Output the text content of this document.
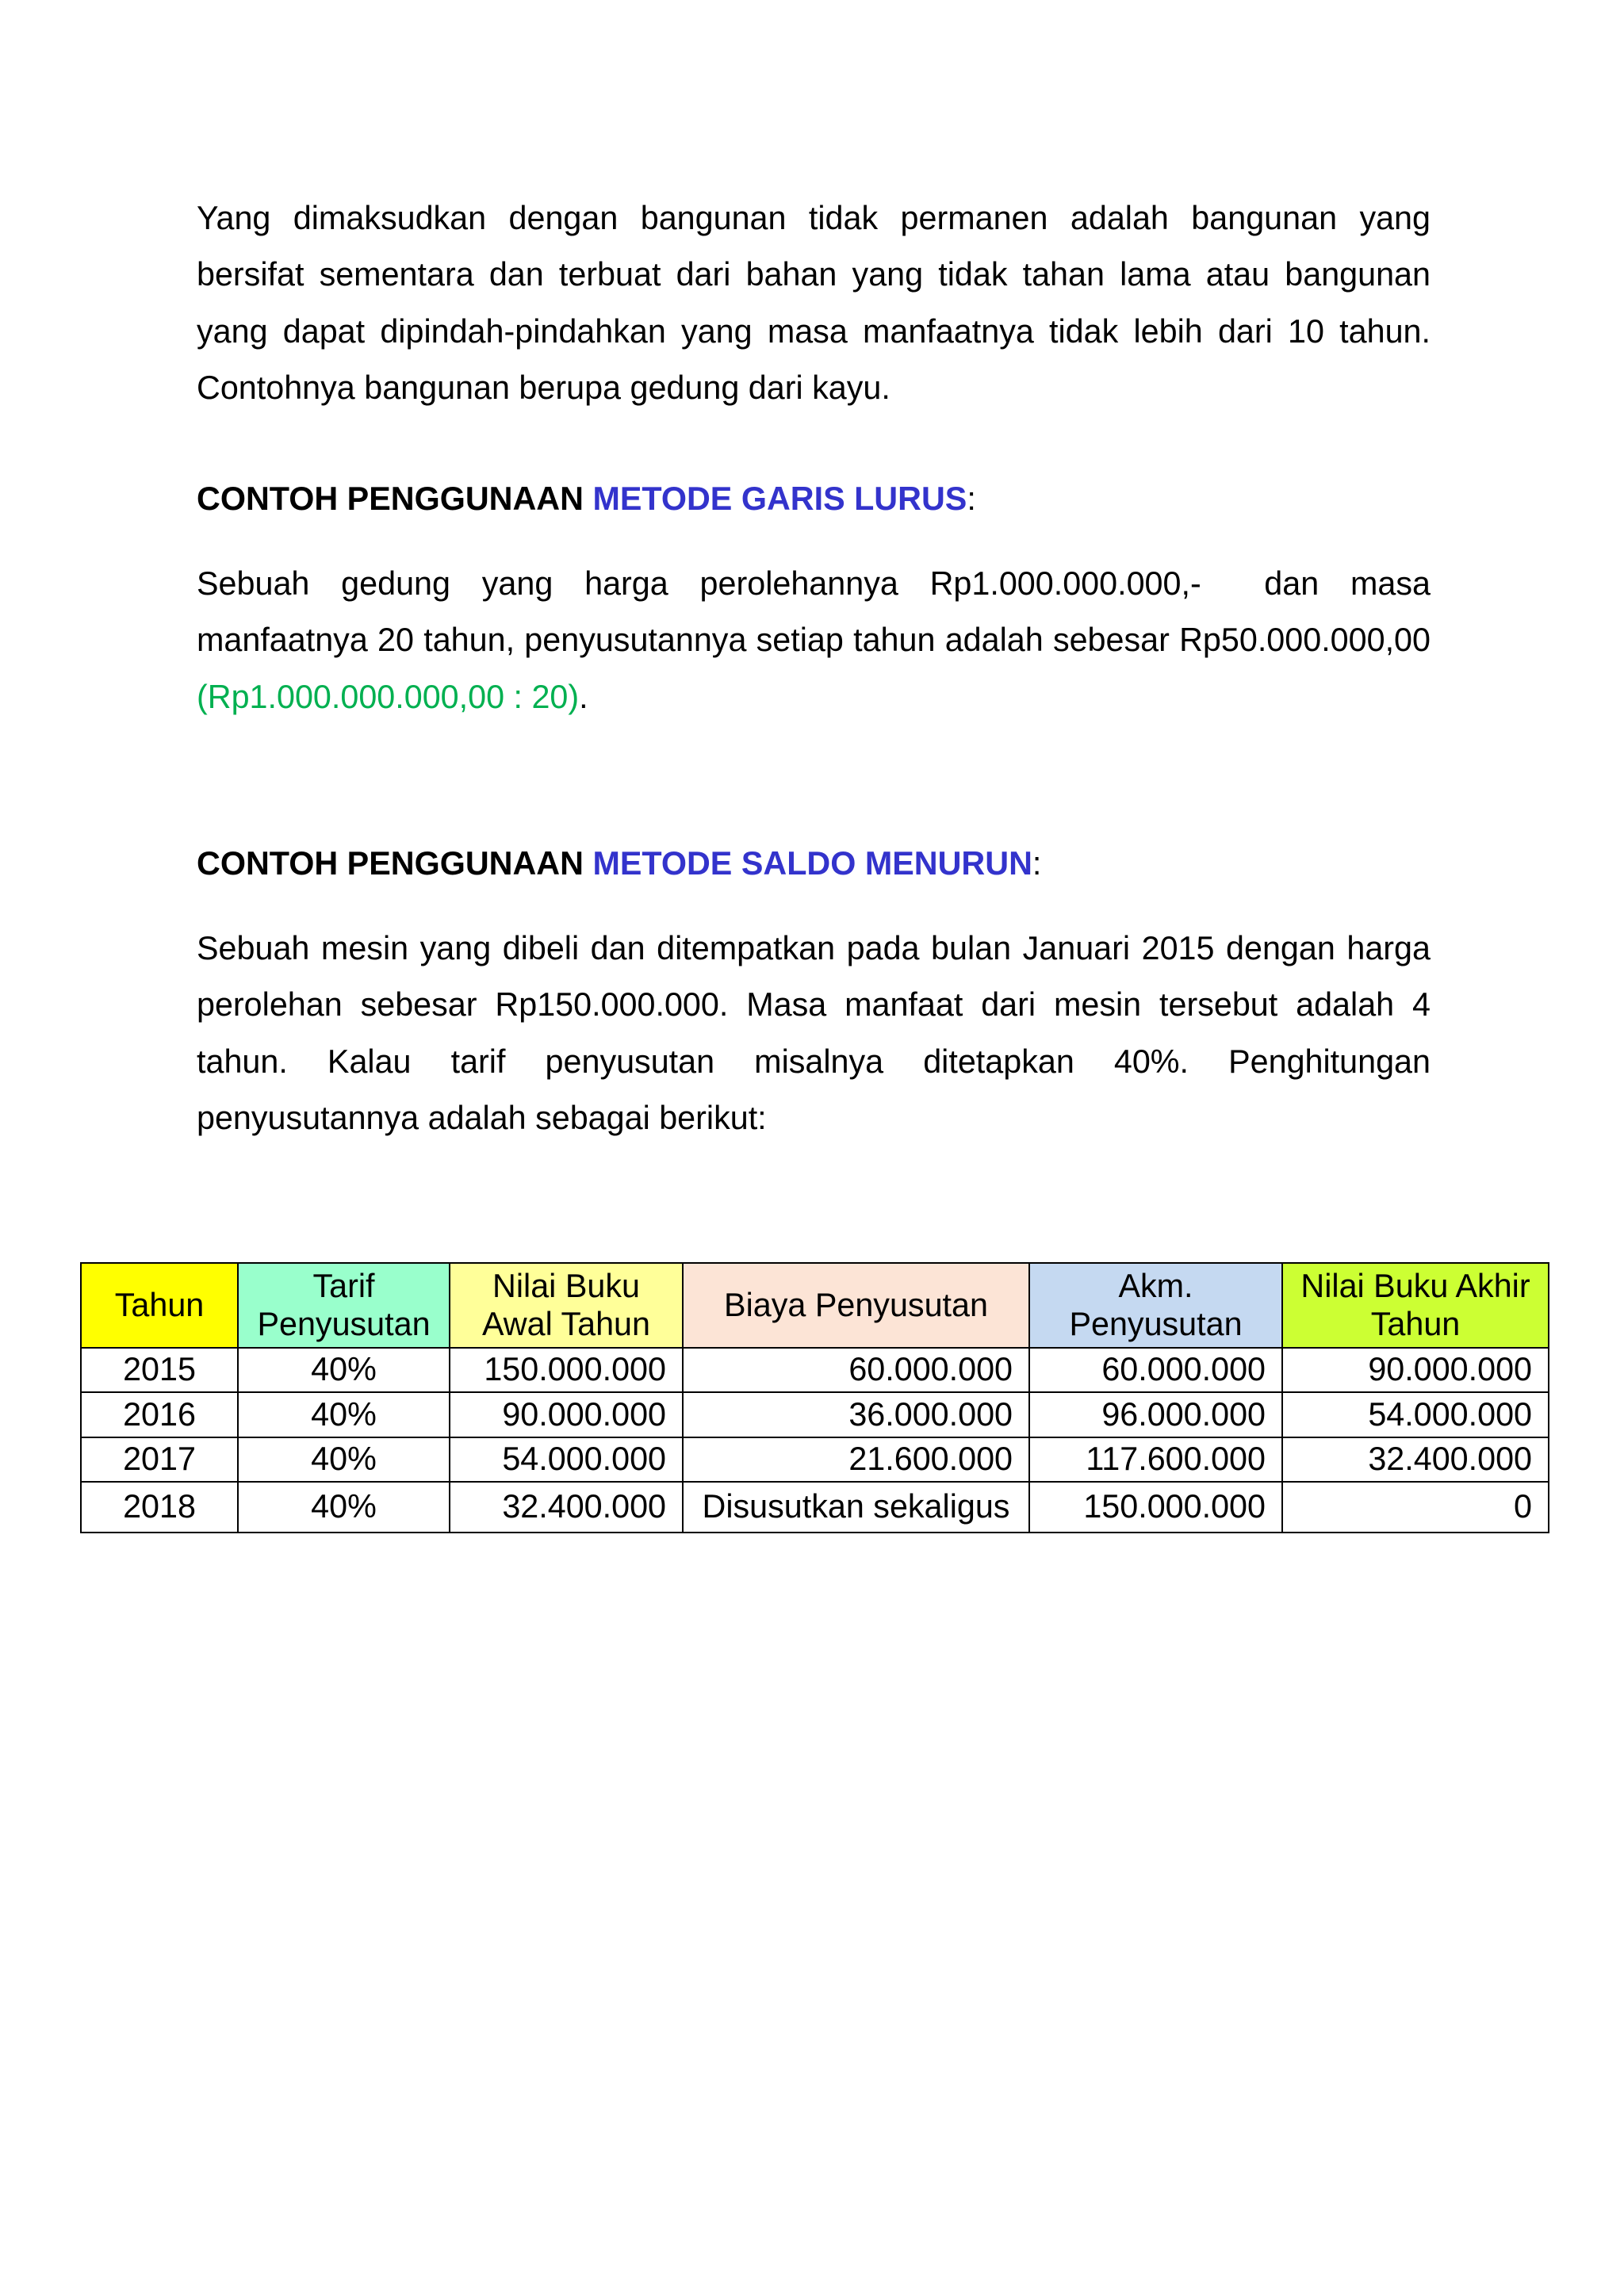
Yang dimaksudkan dengan bangunan tidak permanen adalah bangunan yang
bersifat sementara dan terbuat dari bahan yang tidak tahan lama atau bangunan
yang dapat dipindah-pindahkan yang masa manfaatnya tidak lebih dari 10 tahun.
Contohnya bangunan berupa gedung dari kayu.
CONTOH PENGGUNAAN METODE GARIS LURUS:
Sebuah gedung yang harga perolehannya Rp1.000.000.000,-  dan masa
manfaatnya 20 tahun, penyusutannya setiap tahun adalah sebesar Rp50.000.000,00
(Rp1.000.000.000,00 : 20).
CONTOH PENGGUNAAN METODE SALDO MENURUN:
Sebuah mesin yang dibeli dan ditempatkan pada bulan Januari 2015 dengan harga
perolehan sebesar Rp150.000.000. Masa manfaat dari mesin tersebut adalah 4
tahun. Kalau tarif penyusutan misalnya ditetapkan 40%. Penghitungan
penyusutannya adalah sebagai berikut:
Tahun	Tarif Penyusutan	Nilai Buku Awal Tahun	Biaya Penyusutan	Akm. Penyusutan	Nilai Buku Akhir Tahun
2015	40%	150.000.000	60.000.000	60.000.000	90.000.000
2016	40%	90.000.000	36.000.000	96.000.000	54.000.000
2017	40%	54.000.000	21.600.000	117.600.000	32.400.000
2018	40%	32.400.000	Disusutkan sekaligus	150.000.000	0
